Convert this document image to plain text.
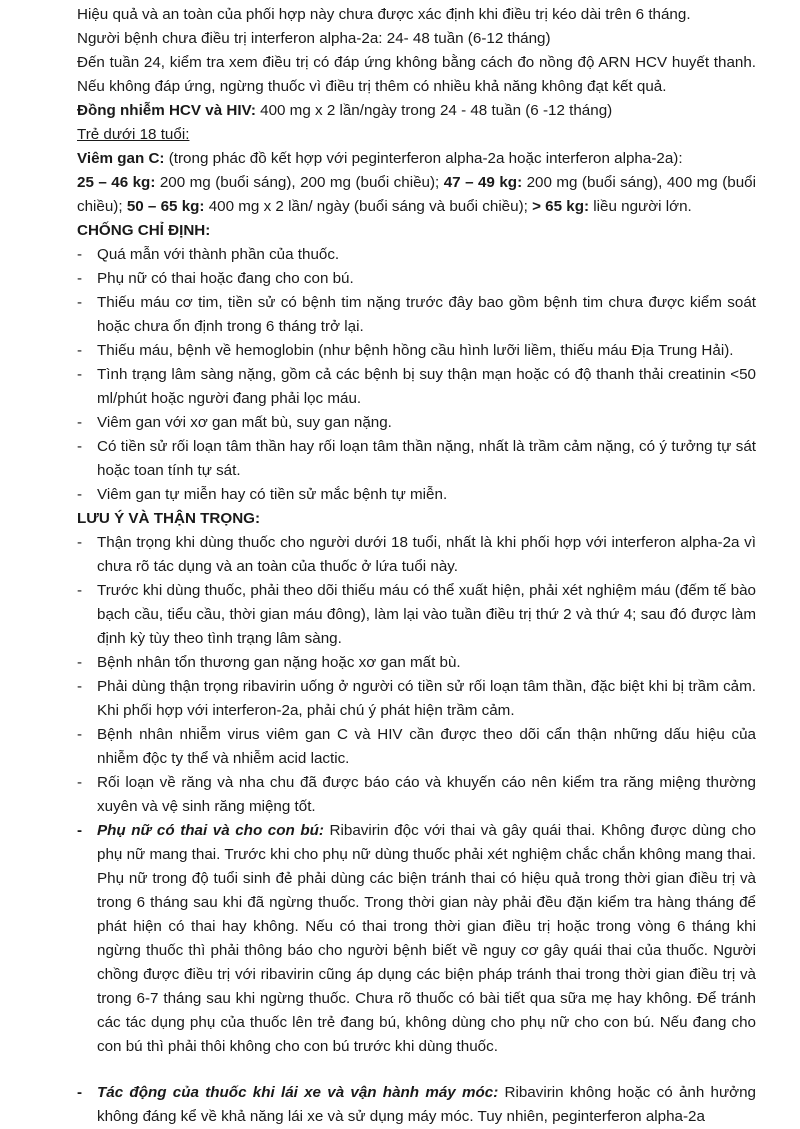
Hiệu quả và an toàn của phối hợp này chưa được xác định khi điều trị kéo dài trên 6 tháng.

Người bệnh chưa điều trị interferon alpha-2a: 24- 48 tuần (6-12 tháng)

Đến tuần 24, kiểm tra xem điều trị có đáp ứng không bằng cách đo nồng độ ARN HCV huyết thanh. Nếu không đáp ứng, ngừng thuốc vì điều trị thêm có nhiều khả năng không đạt kết quả.

Đồng nhiễm HCV và HIV: 400 mg x 2 lần/ngày trong 24 - 48 tuần (6 -12 tháng)

Trẻ dưới 18 tuổi:

Viêm gan C: (trong phác đồ kết hợp với peginterferon alpha-2a hoặc interferon alpha-2a):

25 – 46 kg: 200 mg (buổi sáng), 200 mg (buổi chiều); 47 – 49 kg: 200 mg (buổi sáng), 400 mg (buổi chiều); 50 – 65 kg: 400 mg x 2 lần/ ngày (buổi sáng và buổi chiều); > 65 kg: liều người lớn.

CHỐNG CHỈ ĐỊNH:

- Quá mẫn với thành phần của thuốc.
- Phụ nữ có thai hoặc đang cho con bú.
- Thiếu máu cơ tim, tiền sử có bệnh tim nặng trước đây bao gồm bệnh tim chưa được kiểm soát hoặc chưa ổn định trong 6 tháng trở lại.
- Thiếu máu, bệnh về hemoglobin (như bệnh hồng cầu hình lưỡi liềm, thiếu máu Địa Trung Hải).
- Tình trạng lâm sàng nặng, gồm cả các bệnh bị suy thận mạn hoặc có độ thanh thải creatinin <50 ml/phút hoặc người đang phải lọc máu.
- Viêm gan với xơ gan mất bù, suy gan nặng.
- Có tiền sử rối loạn tâm thần hay rối loạn tâm thần nặng, nhất là trầm cảm nặng, có ý tưởng tự sát hoặc toan tính tự sát.
- Viêm gan tự miễn hay có tiền sử mắc bệnh tự miễn.

LƯU Ý VÀ THẬN TRỌNG:

- Thận trọng khi dùng thuốc cho người dưới 18 tuổi, nhất là khi phối hợp với interferon alpha-2a vì chưa rõ tác dụng và an toàn của thuốc ở lứa tuổi này.
- Trước khi dùng thuốc, phải theo dõi thiếu máu có thể xuất hiện, phải xét nghiệm máu (đếm tế bào bạch cầu, tiểu cầu, thời gian máu đông), làm lại vào tuần điều trị thứ 2 và thứ 4; sau đó được làm định kỳ tùy theo tình trạng lâm sàng.
- Bệnh nhân tổn thương gan nặng hoặc xơ gan mất bù.
- Phải dùng thận trọng ribavirin uống ở người có tiền sử rối loạn tâm thần, đặc biệt khi bị trầm cảm. Khi phối hợp với interferon-2a, phải chú ý phát hiện trầm cảm.
- Bệnh nhân nhiễm virus viêm gan C và HIV cần được theo dõi cẩn thận những dấu hiệu của nhiễm độc ty thể và nhiễm acid lactic.
- Rối loạn về răng và nha chu đã được báo cáo và khuyến cáo nên kiểm tra răng miệng thường xuyên và vệ sinh răng miệng tốt.
- Phụ nữ có thai và cho con bú: Ribavirin độc với thai và gây quái thai. Không được dùng cho phụ nữ mang thai. Trước khi cho phụ nữ dùng thuốc phải xét nghiệm chắc chắn không mang thai. Phụ nữ trong độ tuổi sinh đẻ phải dùng các biện tránh thai có hiệu quả trong thời gian điều trị và trong 6 tháng sau khi đã ngừng thuốc. Trong thời gian này phải đều đặn kiểm tra hàng tháng để phát hiện có thai hay không. Nếu có thai trong thời gian điều trị hoặc trong vòng 6 tháng khi ngừng thuốc thì phải thông báo cho người bệnh biết về nguy cơ gây quái thai của thuốc. Người chồng được điều trị với ribavirin cũng áp dụng các biện pháp tránh thai trong thời gian điều trị và trong 6-7 tháng sau khi ngừng thuốc. Chưa rõ thuốc có bài tiết qua sữa mẹ hay không. Để tránh các tác dụng phụ của thuốc lên trẻ đang bú, không dùng cho phụ nữ cho con bú. Nếu đang cho con bú thì phải thôi không cho con bú trước khi dùng thuốc.
- Tác động của thuốc khi lái xe và vận hành máy móc: Ribavirin không hoặc có ảnh hưởng không đáng kể về khả năng lái xe và sử dụng máy móc. Tuy nhiên, peginterferon alpha-2a
